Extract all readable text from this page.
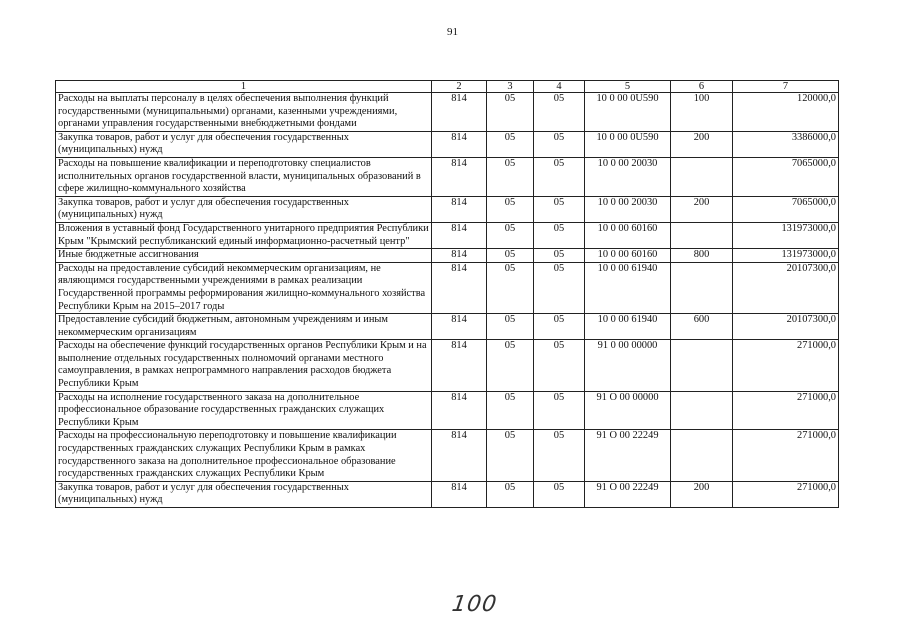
91
1	2	3	4	5	6	7
Расходы на выплаты персоналу в целях обеспечения выполнения функций государственными (муниципальными) органами, казенными учреждениями, органами управления государственными внебюджетными фондами	814	05	05	10 0 00 0U590	100	120000,0
Закупка товаров, работ и услуг для обеспечения государственных (муниципальных) нужд	814	05	05	10 0 00 0U590	200	3386000,0
Расходы на повышение квалификации и переподготовку специалистов исполнительных органов государственной власти, муниципальных образований в сфере жилищно-коммунального хозяйства	814	05	05	10 0 00 20030		7065000,0
Закупка товаров, работ и услуг для обеспечения государственных (муниципальных) нужд	814	05	05	10 0 00 20030	200	7065000,0
Вложения в уставный фонд Государственного унитарного предприятия Республики Крым "Крымский республиканский единый информационно-расчетный центр"	814	05	05	10 0 00 60160		131973000,0
Иные бюджетные ассигнования	814	05	05	10 0 00 60160	800	131973000,0
Расходы на предоставление субсидий некоммерческим организациям, не являющимся государственными учреждениями в рамках реализации Государственной программы реформирования жилищно-коммунального хозяйства Республики Крым на 2015–2017 годы	814	05	05	10 0 00 61940		20107300,0
Предоставление субсидий бюджетным, автономным учреждениям и иным некоммерческим организациям	814	05	05	10 0 00 61940	600	20107300,0
Расходы на обеспечение функций государственных органов Республики Крым и на выполнение отдельных государственных полномочий органами местного самоуправления, в рамках непрограммного направления расходов бюджета Республики Крым	814	05	05	91 0 00 00000		271000,0
Расходы на исполнение государственного заказа на дополнительное профессиональное образование государственных гражданских служащих Республики Крым	814	05	05	91 О 00 00000		271000,0
Расходы на профессиональную переподготовку и повышение квалификации государственных гражданских служащих Республики Крым в рамках государственного заказа на дополнительное профессиональное образование государственных гражданских служащих Республики Крым	814	05	05	91 О 00 22249		271000,0
Закупка товаров, работ и услуг для обеспечения государственных (муниципальных) нужд	814	05	05	91 О 00 22249	200	271000,0
100
